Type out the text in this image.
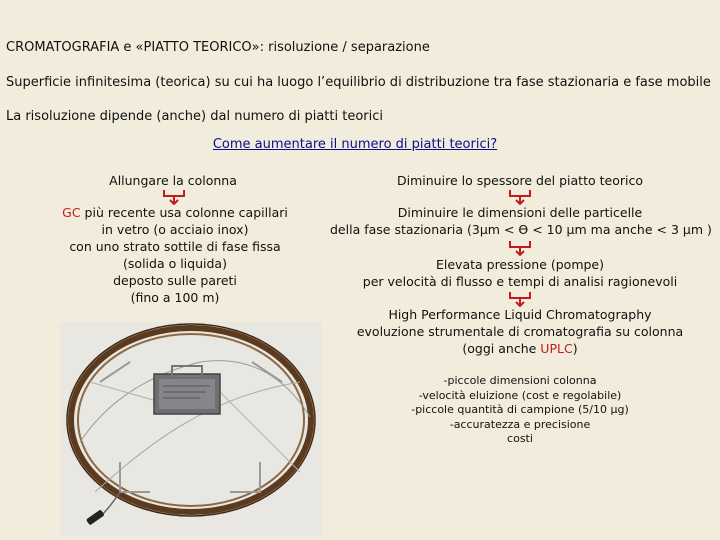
CROMATOGRAFIA e «PIATTO TEORICO»: risoluzione / separazione
Superficie infinitesima (teorica) su cui ha luogo l’equilibrio di distribuzione tra fase stazionaria e fase mobile
La risoluzione dipende (anche) dal numero di piatti teorici
Come aumentare il numero di piatti teorici?
Allungare la colonna
GC più recente usa colonne capillari
in vetro (o acciaio inox)
con uno strato sottile di fase fissa
(solida o liquida)
deposto sulle pareti
(fino a 100 m)
Diminuire lo spessore del piatto teorico
Diminuire le dimensioni delle particelle
della fase stazionaria (3μm < Ө < 10 μm ma anche < 3 μm )
Elevata pressione (pompe)
per velocità di flusso e tempi di analisi ragionevoli
High Performance Liquid Chromatography
evoluzione strumentale di cromatografia su colonna
(oggi anche UPLC)
-piccole dimensioni colonna
-velocità eluizione (cost e regolabile)
-piccole quantità di campione (5/10 μg)
-accuratezza e precisione
costi
